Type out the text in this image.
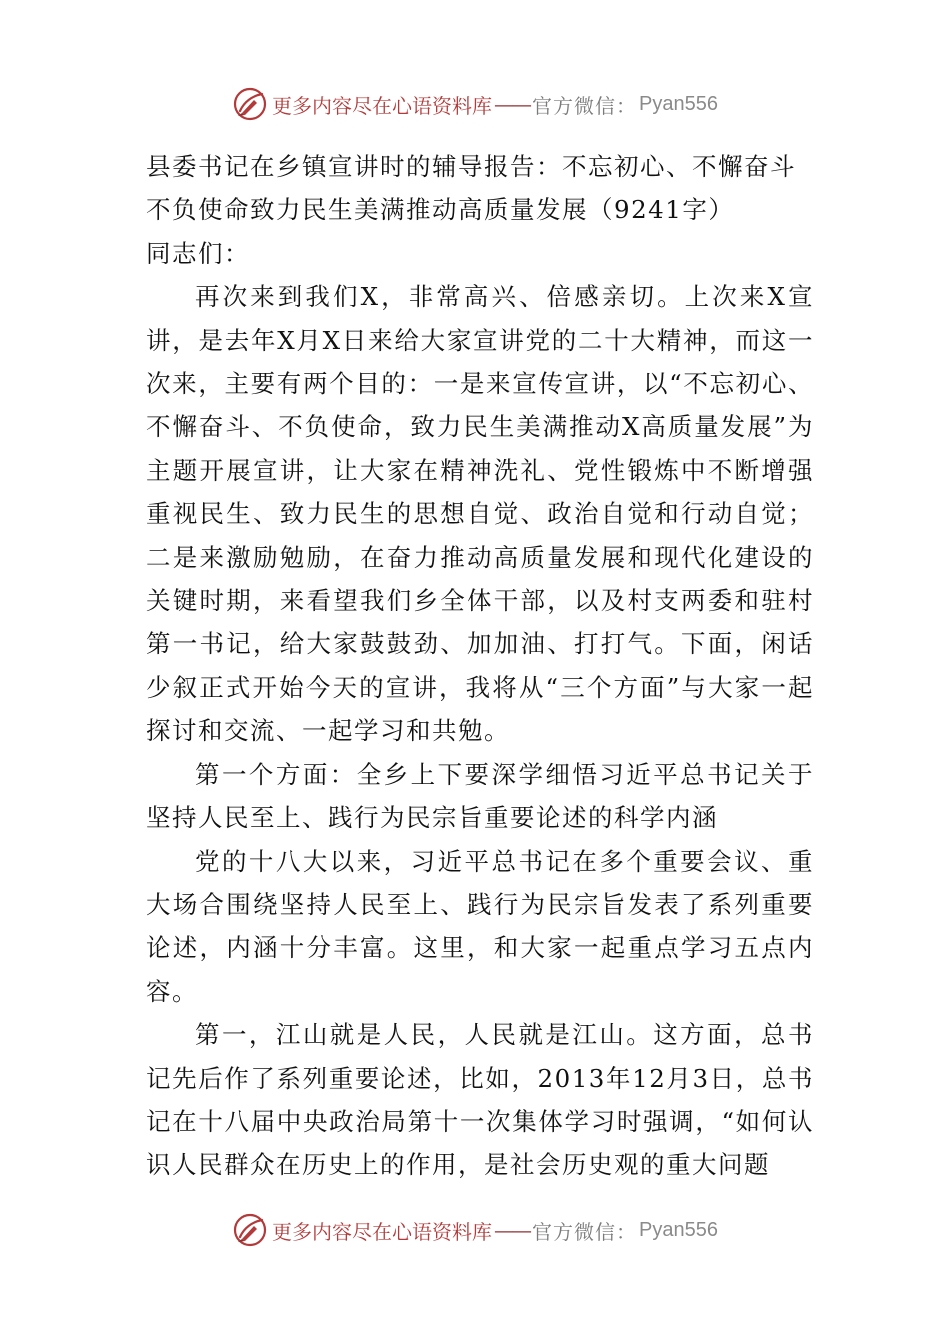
更多内容尽在心语资料库 —— 官方微信： Pyan556

县委书记在乡镇宣讲时的辅导报告：不忘初心、不懈奋斗

不负使命致力民生美满推动高质量发展（9241字）

同志们：

再次来到我们X，非常高兴、倍感亲切。上次来X宣讲，是去年X月X日来给大家宣讲党的二十大精神，而这一次来，主要有两个目的：一是来宣传宣讲，以“不忘初心、不懈奋斗、不负使命，致力民生美满推动X高质量发展”为主题开展宣讲，让大家在精神洗礼、党性锻炼中不断增强重视民生、致力民生的思想自觉、政治自觉和行动自觉；二是来激励勉励，在奋力推动高质量发展和现代化建设的关键时期，来看望我们乡全体干部，以及村支两委和驻村第一书记，给大家鼓鼓劲、加加油、打打气。下面，闲话少叙正式开始今天的宣讲，我将从“三个方面”与大家一起探讨和交流、一起学习和共勉。

第一个方面：全乡上下要深学细悟习近平总书记关于坚持人民至上、践行为民宗旨重要论述的科学内涵

党的十八大以来，习近平总书记在多个重要会议、重大场合围绕坚持人民至上、践行为民宗旨发表了系列重要论述，内涵十分丰富。这里，和大家一起重点学习五点内容。

第一，江山就是人民，人民就是江山。这方面，总书记先后作了系列重要论述，比如，2013年12月3日，总书记在十八届中央政治局第十一次集体学习时强调，“如何认识人民群众在历史上的作用，是社会历史观的重大问题

更多内容尽在心语资料库 —— 官方微信： Pyan556
